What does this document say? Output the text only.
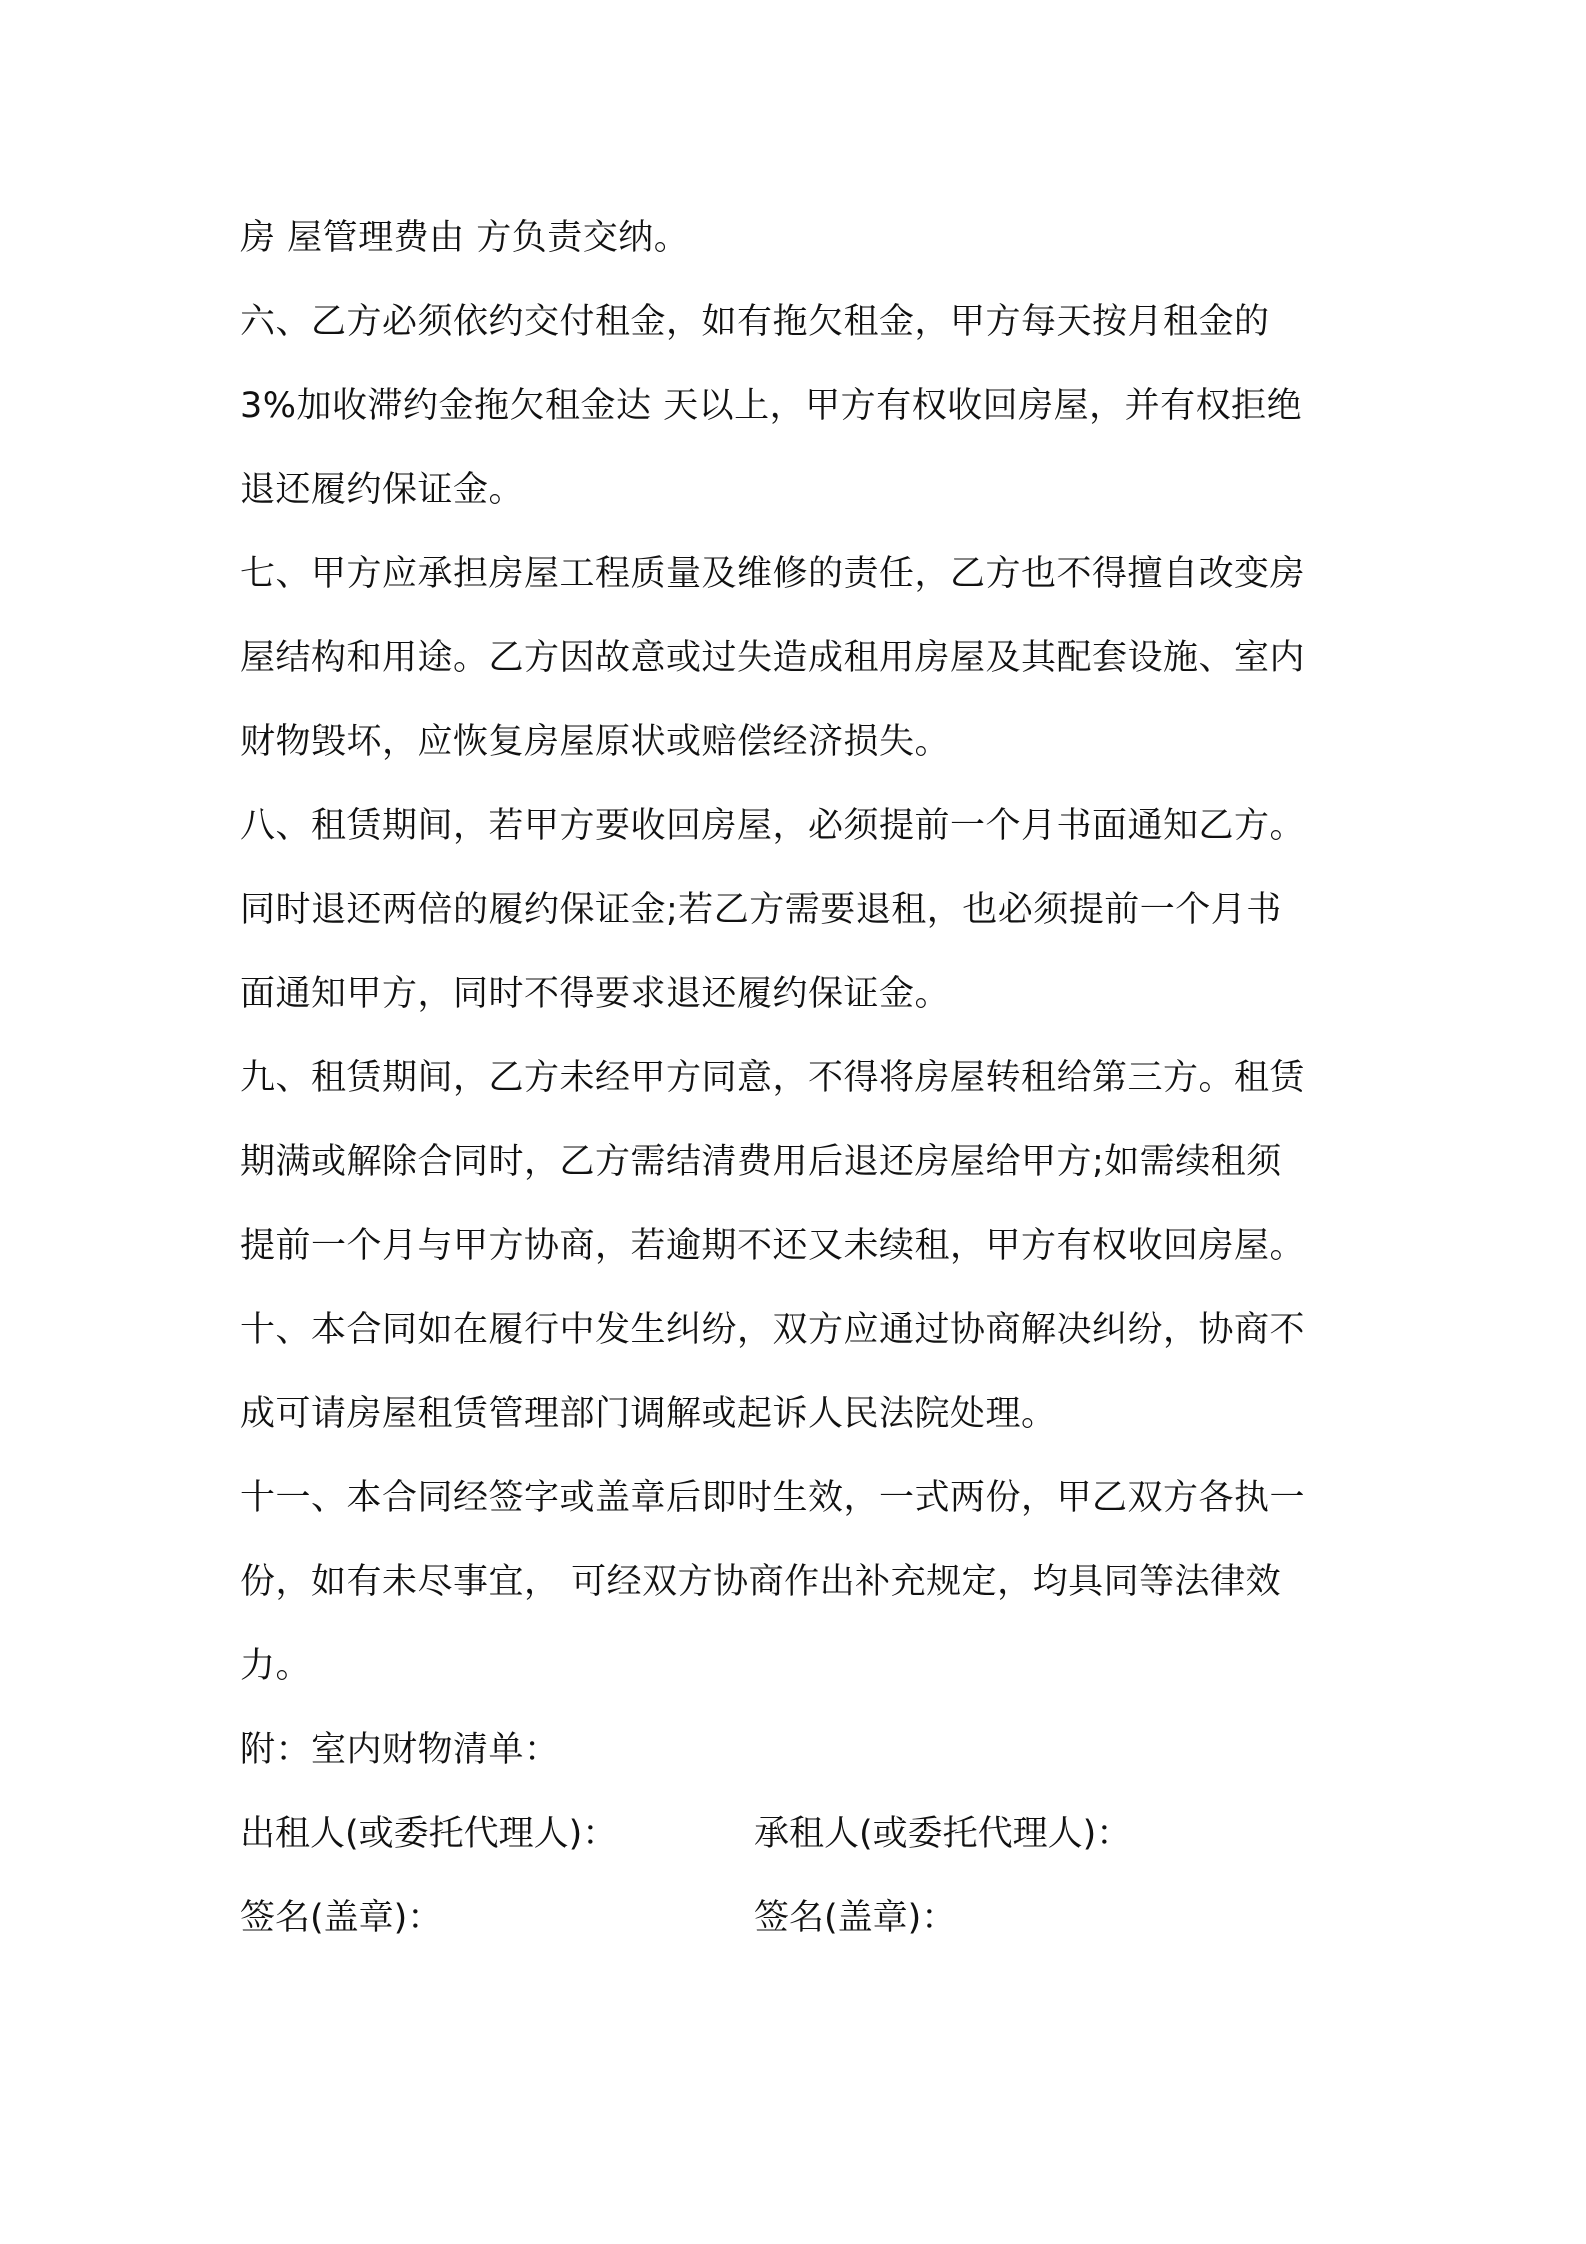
房 屋管理费由 方负责交纳。
六、乙方必须依约交付租金，如有拖欠租金，甲方每天按月租金的
3%加收滞约金拖欠租金达 天以上，甲方有权收回房屋，并有权拒绝
退还履约保证金。
七、甲方应承担房屋工程质量及维修的责任，乙方也不得擅自改变房
屋结构和用途。乙方因故意或过失造成租用房屋及其配套设施、室内
财物毁坏，应恢复房屋原状或赔偿经济损失。
八、租赁期间，若甲方要收回房屋，必须提前一个月书面通知乙方。
同时退还两倍的履约保证金;若乙方需要退租，也必须提前一个月书
面通知甲方，同时不得要求退还履约保证金。
九、租赁期间，乙方未经甲方同意，不得将房屋转租给第三方。租赁
期满或解除合同时，乙方需结清费用后退还房屋给甲方;如需续租须
提前一个月与甲方协商，若逾期不还又未续租，甲方有权收回房屋。
十、本合同如在履行中发生纠纷，双方应通过协商解决纠纷，协商不
成可请房屋租赁管理部门调解或起诉人民法院处理。
十一、本合同经签字或盖章后即时生效，一式两份，甲乙双方各执一
份，如有未尽事宜， 可经双方协商作出补充规定，均具同等法律效
力。
附：室内财物清单：
出租人(或委托代理人)：	承租人(或委托代理人)：
签名(盖章)：	签名(盖章)：
